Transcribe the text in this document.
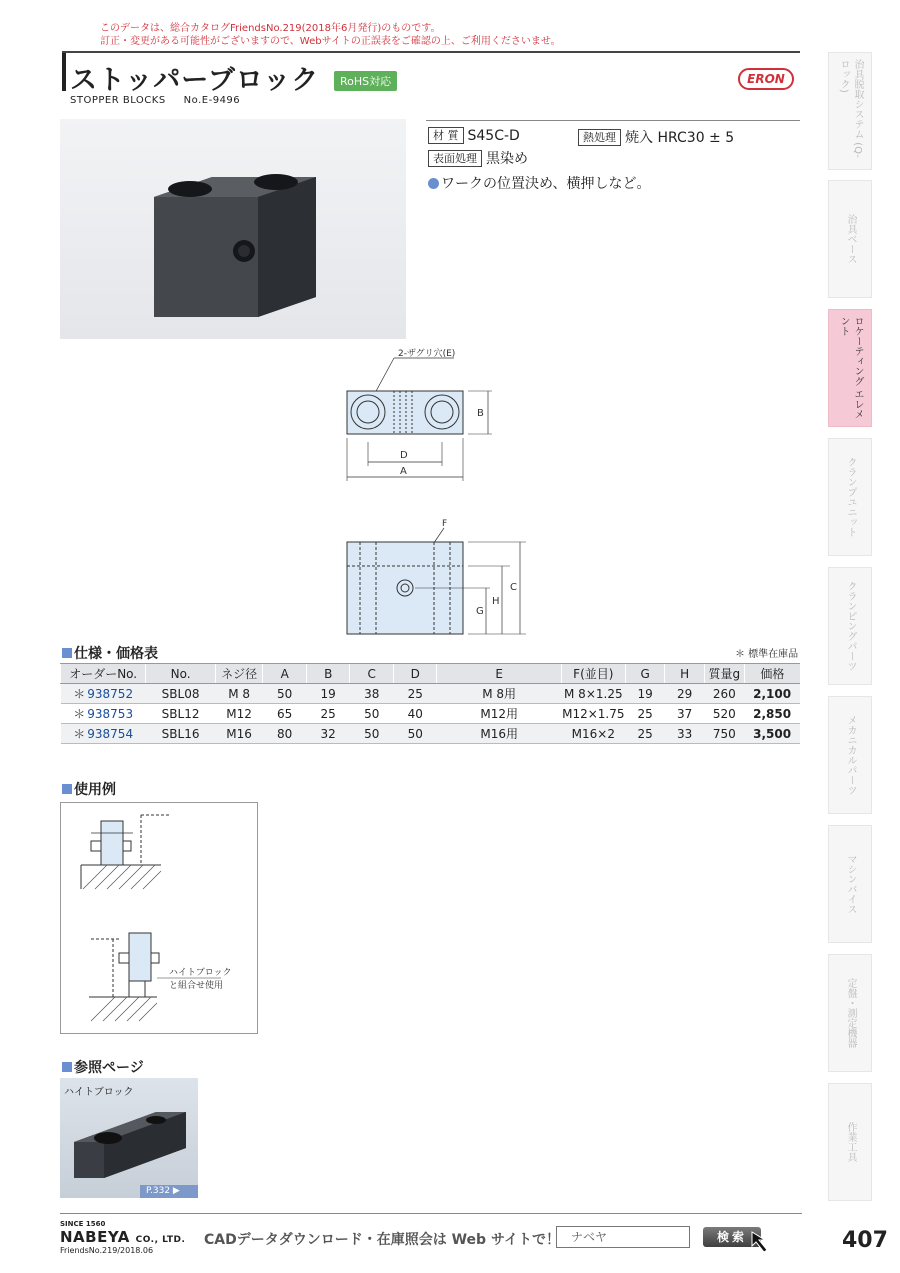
このデータは、総合カタログFriendsNo.219(2018年6月発行)のものです。
訂正・変更がある可能性がございますので、Webサイトの正誤表をご確認の上、ご利用くださいませ。
ストッパーブロック	RoHS対応
STOPPER BLOCKS No.E-9496
ERON
材 質 S45C-D	熱処理 焼入 HRC30 ± 5
表面処理 黒染め
ワークの位置決め、横押しなど。
2-ザグリ穴(E)
D
A
B
F
G
H
C
仕様・価格表	＊ 標準在庫品
オーダーNo.	No.	ネジ径	A	B	C	D	E	F(並目)	G	H	質量g	価格
＊ 938752	SBL08	M 8	50	19	38	25	M 8用	M 8×1.25	19	29	260	2,100
＊ 938753	SBL12	M12	65	25	50	40	M12用	M12×1.75	25	37	520	2,850
＊ 938754	SBL16	M16	80	32	50	50	M16用	M16×2	25	33	750	3,500
使用例
ハイトブロック
と組合せ使用
参照ページ
ハイトブロック
P.332 ▶
治具脱取システム (Q-ロック)
治具ベース
ロケーティング エレメント
クランプユニット
クランピングパーツ
メカニカルパーツ
マシンバイス
定盤・測定機器
作業工具
SINCE 1560
NABEYA CO., LTD.
FriendsNo.219/2018.06
CADデータダウンロード・在庫照会は Web サイトで！ ナベヤ	検索	407
